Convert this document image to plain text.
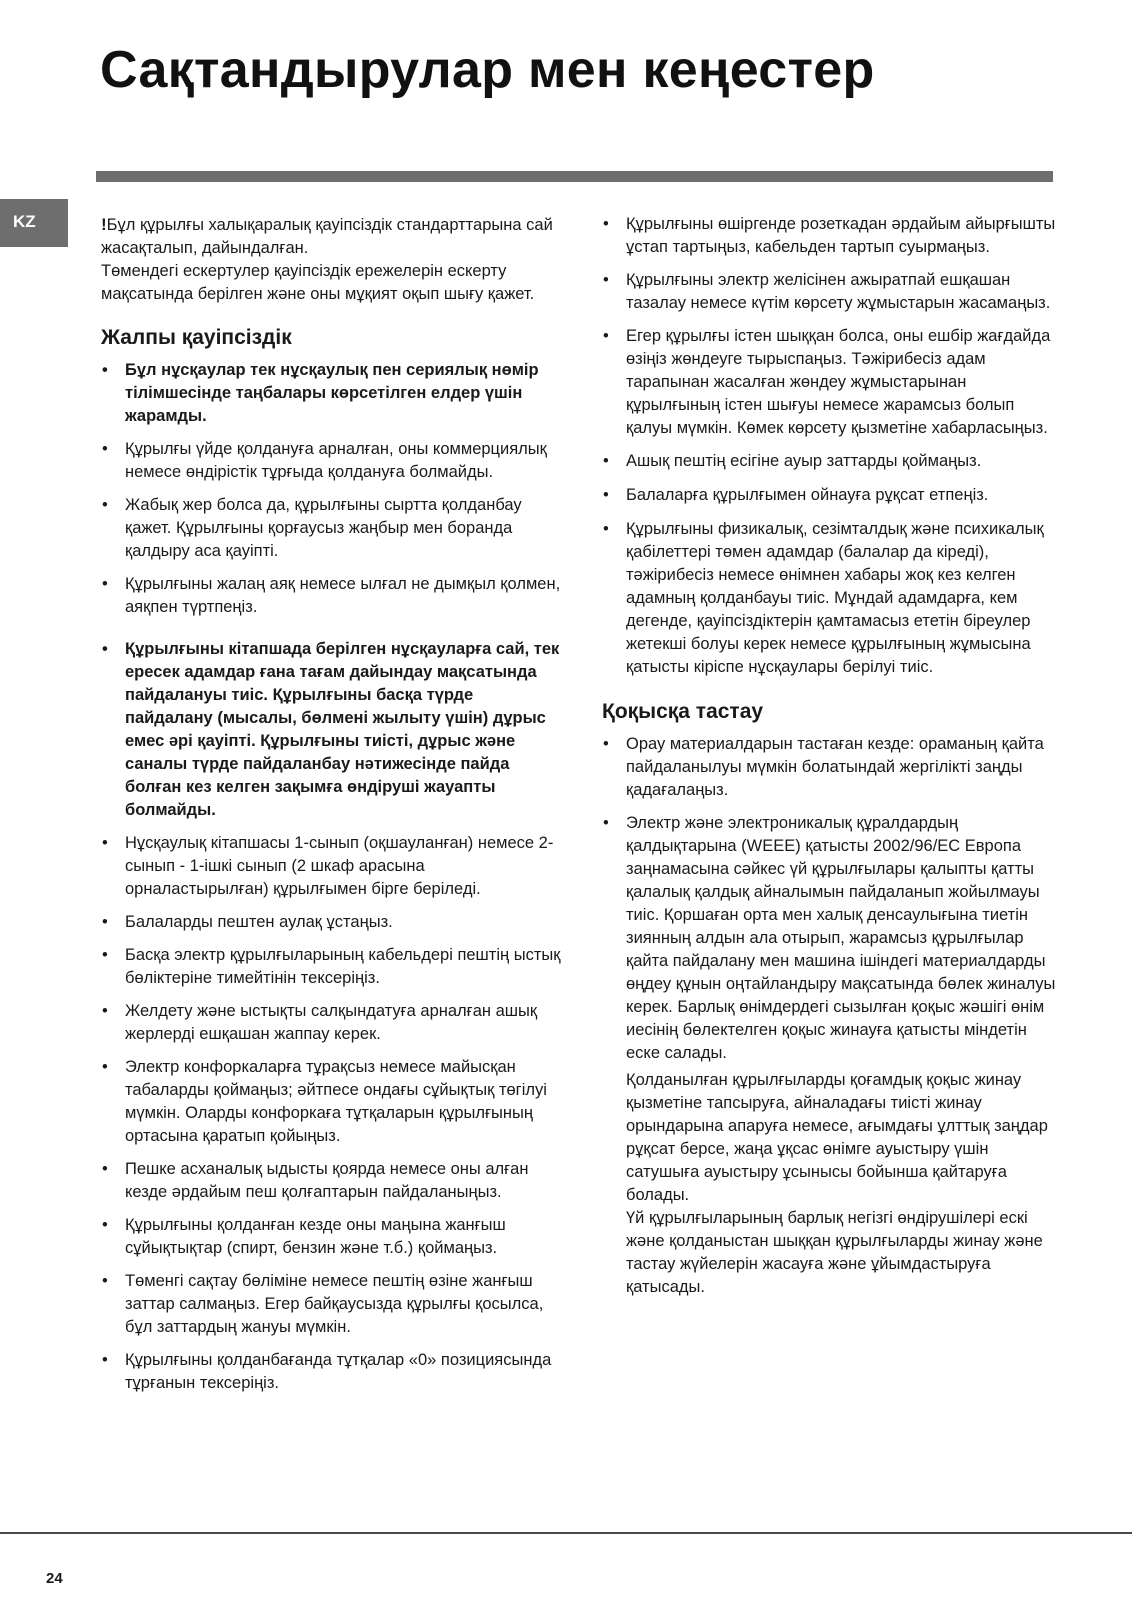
Сақтандырулар мен кеңестер
KZ	!Бұл құрылғы халықаралық қауіпсіздік стандарттарына сай жасақталып, дайындалған.

Төмендегі ескертулер қауіпсіздік ережелерін ескерту мақсатында берілген және оны мұқият оқып шығу қажет.

Жалпы қауіпсіздік
• Бұл нұсқаулар тек нұсқаулық пен сериялық нөмір тілімшесінде таңбалары көрсетілген елдер үшін жарамды.
• Құрылғы үйде қолдануға арналған, оны коммерциялық немесе өндірістік тұрғыда қолдануға болмайды.
• Жабық жер болса да, құрылғыны сыртта қолданбау қажет. Құрылғыны қорғаусыз жаңбыр мен боранда қалдыру аса қауіпті.
• Құрылғыны жалаң аяқ немесе ылғал не дымқыл қолмен, аяқпен түртпеңіз.
• Құрылғыны кітапшада берілген нұсқауларға сай, тек ересек адамдар ғана тағам дайындау мақсатында пайдалануы тиіс. Құрылғыны басқа түрде пайдалану (мысалы, бөлмені жылыту үшін) дұрыс емес әрі қауіпті. Құрылғыны тиісті, дұрыс және саналы түрде пайдаланбау нәтижесінде пайда болған кез келген зақымға өндіруші жауапты болмайды.
• Нұсқаулық кітапшасы 1-сынып (оқшауланған) немесе 2-сынып - 1-ішкі сынып (2 шкаф арасына орналастырылған) құрылғымен бірге беріледі.
• Балаларды пештен аулақ ұстаңыз.
• Басқа электр құрылғыларының кабельдері пештің ыстық бөліктеріне тимейтінін тексеріңіз.
• Желдету және ыстықты салқындатуға арналған ашық жерлерді ешқашан жаппау керек.
• Электр конфоркаларға тұрақсыз немесе майысқан табаларды қоймаңыз; әйтпесе ондағы сұйықтық төгілуі мүмкін. Оларды конфоркаға тұтқаларын құрылғының ортасына қаратып қойыңыз.
• Пешке асханалық ыдысты қоярда немесе оны алған кезде әрдайым пеш қолғаптарын пайдаланыңыз.
• Құрылғыны қолданған кезде оны маңына жанғыш сұйықтықтар (спирт, бензин және т.б.) қоймаңыз.
• Төменгі сақтау бөліміне немесе пештің өзіне жанғыш заттар салмаңыз. Егер байқаусызда құрылғы қосылса, бұл заттардың жануы мүмкін.
• Құрылғыны қолданбағанда тұтқалар «0» позициясында тұрғанын тексеріңіз.
• Құрылғыны өшіргенде розеткадан әрдайым айырғышты ұстап тартыңыз, кабельден тартып суырмаңыз.
• Құрылғыны электр желісінен ажыратпай ешқашан тазалау немесе күтім көрсету жұмыстарын жасамаңыз.
• Егер құрылғы істен шыққан болса, оны ешбір жағдайда өзіңіз жөндеуге тырыспаңыз. Тәжірибесіз адам тарапынан жасалған жөндеу жұмыстарынан құрылғының істен шығуы немесе жарамсыз болып қалуы мүмкін. Көмек көрсету қызметіне хабарласыңыз.
• Ашық пештің есігіне ауыр заттарды қоймаңыз.
• Балаларға құрылғымен ойнауға рұқсат етпеңіз.
• Құрылғыны физикалық, сезімталдық және психикалық қабілеттері төмен адамдар (балалар да кіреді), тәжірибесіз немесе өнімнен хабары жоқ кез келген адамның қолданбауы тиіс. Мұндай адамдарға, кем дегенде, қауіпсіздіктерін қамтамасыз ететін біреулер жетекші болуы керек немесе құрылғының жұмысына қатысты кіріспе нұсқаулары берілуі тиіс.
Қоқысқа тастау
• Орау материалдарын тастаған кезде: ораманың қайта пайдаланылуы мүмкін болатындай жергілікті заңды қадағалаңыз.
• Электр және электроникалық құралдардың қалдықтарына (WEEE) қатысты 2002/96/ЕС Европа заңнамасына сәйкес үй құрылғылары қалыпты қатты қалалық қалдық айналымын пайдаланып жойылмауы тиіс. Қоршаған орта мен халық денсаулығына тиетін зиянның алдын ала отырып, жарамсыз құрылғылар қайта пайдалану мен машина ішіндегі материалдарды өңдеу құнын оңтайландыру мақсатында бөлек жиналуы керек. Барлық өнімдердегі сызылған қоқыс жәшігі өнім иесінің бөлектелген қоқыс жинауға қатысты міндетін еске салады.

Қолданылған құрылғыларды қоғамдық қоқыс жинау қызметіне тапсыруға, айналадағы тиісті жинау орындарына апаруға немесе, ағымдағы ұлттық заңдар рұқсат берсе, жаңа ұқсас өнімге ауыстыру үшін сатушыға ауыстыру ұсынысы бойынша қайтаруға болады.

Үй құрылғыларының барлық негізгі өндірушілері ескі және қолданыстан шыққан құрылғыларды жинау және тастау жүйелерін жасауға және ұйымдастыруға қатысады.

24
